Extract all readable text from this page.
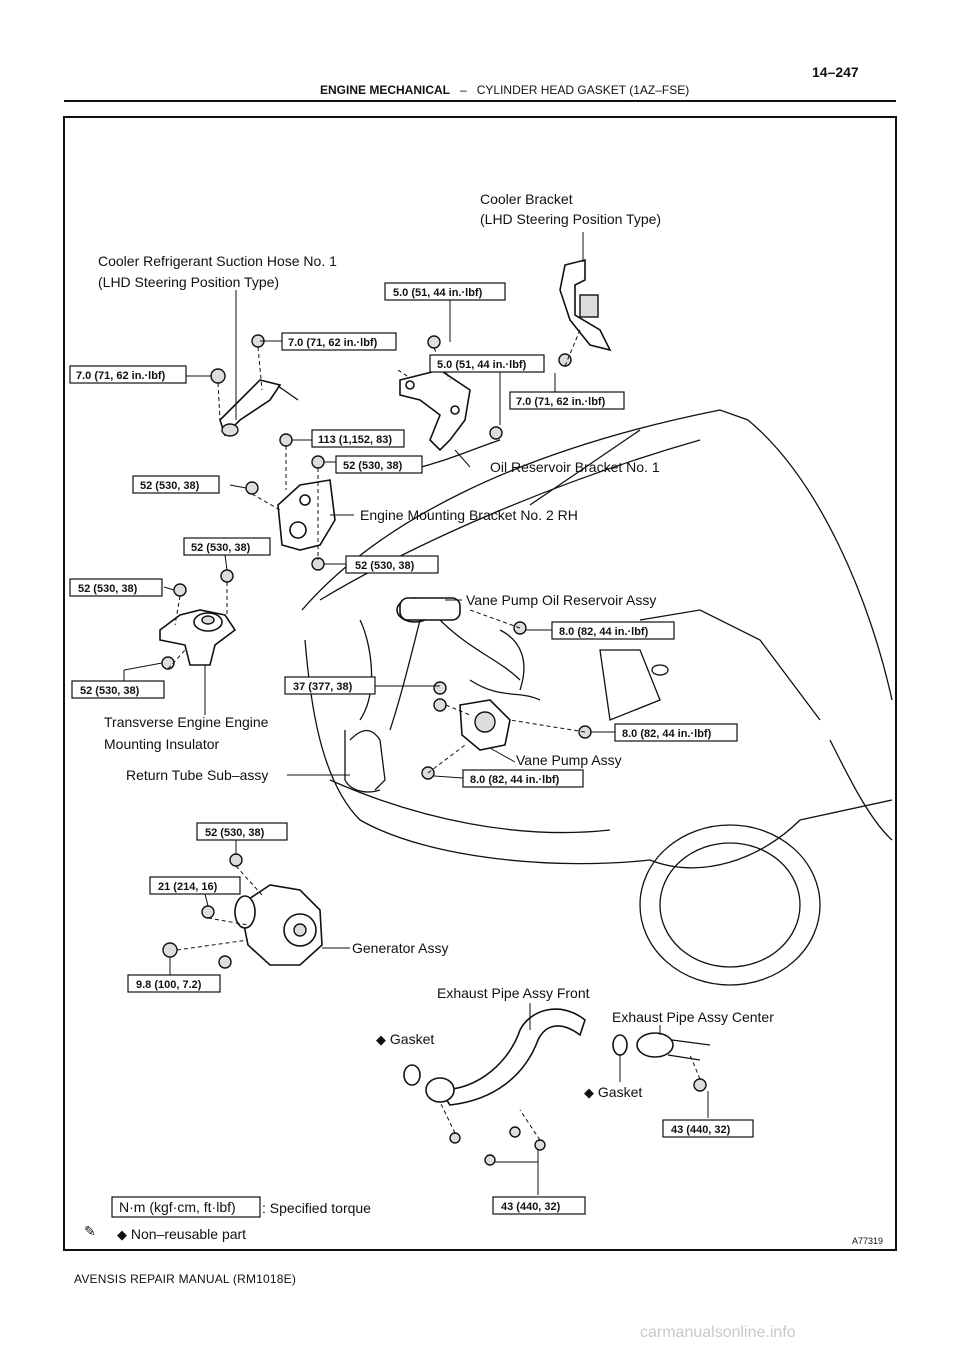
ENGINE MECHANICAL – CYLINDER HEAD GASKET (1AZ–FSE)
14–247
Cooler Bracket
(LHD Steering Position Type)
Cooler Refrigerant Suction Hose No. 1
(LHD Steering Position Type)
Oil Reservoir Bracket No. 1
Engine Mounting Bracket No. 2 RH
Vane Pump Oil Reservoir Assy
Transverse Engine Engine
Mounting Insulator
Vane Pump Assy
Return Tube Sub–assy
Generator Assy
Exhaust Pipe Assy Front
Exhaust Pipe Assy Center
◆ Gasket
◆ Gasket
5.0 (51, 44 in.·lbf)
7.0 (71, 62 in.·lbf)
7.0 (71, 62 in.·lbf)
5.0 (51, 44 in.·lbf)
7.0 (71, 62 in.·lbf)
113 (1,152, 83)
52 (530, 38)
52 (530, 38)
52 (530, 38)
52 (530, 38)
52 (530, 38)
8.0 (82, 44 in.·lbf)
52 (530, 38)	37 (377, 38)
8.0 (82, 44 in.·lbf)
8.0 (82, 44 in.·lbf)
52 (530, 38)
21 (214, 16)
9.8 (100, 7.2)
43 (440, 32)
43 (440, 32)
N·m (kgf·cm, ft·lbf) : Specified torque
✎ ◆ Non–reusable part	A77319
AVENSIS REPAIR MANUAL (RM1018E)
carmanualsonline.info
